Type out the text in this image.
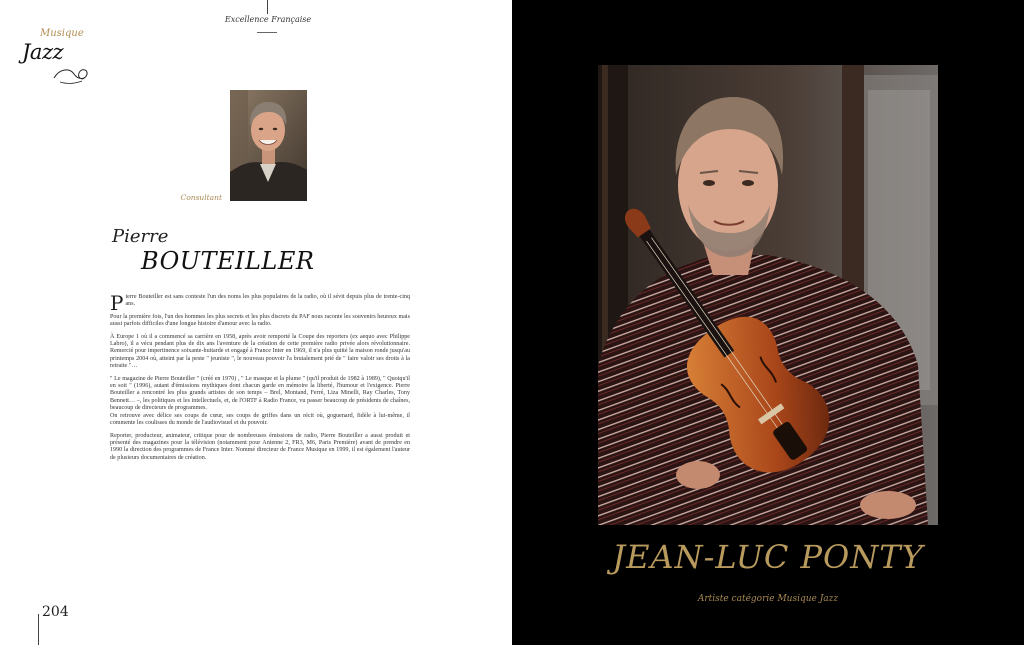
Excellence Française
Musique
Jazz
Consultant
Pierre
BOUTEILLER

Pierre Bouteiller est sans conteste l'un des noms les plus populaires de la radio, où il sévit depuis plus de trente-cinq ans.

Pour la première fois, l'un des hommes les plus secrets et les plus discrets du PAF nous raconte les souvenirs heureux mais aussi parfois difficiles d'une longue histoire d'amour avec la radio.

À Europe 1 où il a commencé sa carrière en 1958, après avoir remporté la Coupe des reporters (ex aequo avec Philippe Labro), il a vécu pendant plus de dix ans l'aventure de la création de cette première radio privée alors révolutionnaire. Remercié pour impertinence soixante-huitarde et engagé à France Inter en 1969, il n'a plus quitté la maison ronde jusqu'au printemps 2004 où, atteint par la peste " jeuniste ", le nouveau pouvoir l'a brutalement prié de " faire valoir ses droits à la retraite "…

" Le magazine de Pierre Bouteiller " (créé en 1970) , " Le masque et la plume " (qu'il produit de 1982 à 1989), " Quoiqu'il en soit " (1996), autant d'émissions mythiques dont chacun garde en mémoire la liberté, l'humour et l'exigence. Pierre Bouteiller a rencontré les plus grands artistes de son temps – Brel, Montand, Ferré, Liza Minelli, Ray Charles, Tony Bennett… –, les politiques et les intellectuels, et, de l'ORTF à Radio France, vu passer beaucoup de présidents de chaînes, beaucoup de directeurs de programmes.

On retrouve avec délice ses coups de cœur, ses coups de griffes dans un récit où, goguenard, fidèle à lui-même, il commente les coulisses du monde de l'audiovisuel et du pouvoir.

Reporter, producteur, animateur, critique pour de nombreuses émissions de radio, Pierre Bouteiller a aussi produit et présenté des magazines pour la télévision (notamment pour Antenne 2, FR3, M6, Paris Première) avant de prendre en 1990 la direction des programmes de France Inter. Nommé directeur de France Musique en 1999, il est également l'auteur de plusieurs documentaires de création.

204
JEAN-LUC PONTY
Artiste catégorie Musique Jazz
